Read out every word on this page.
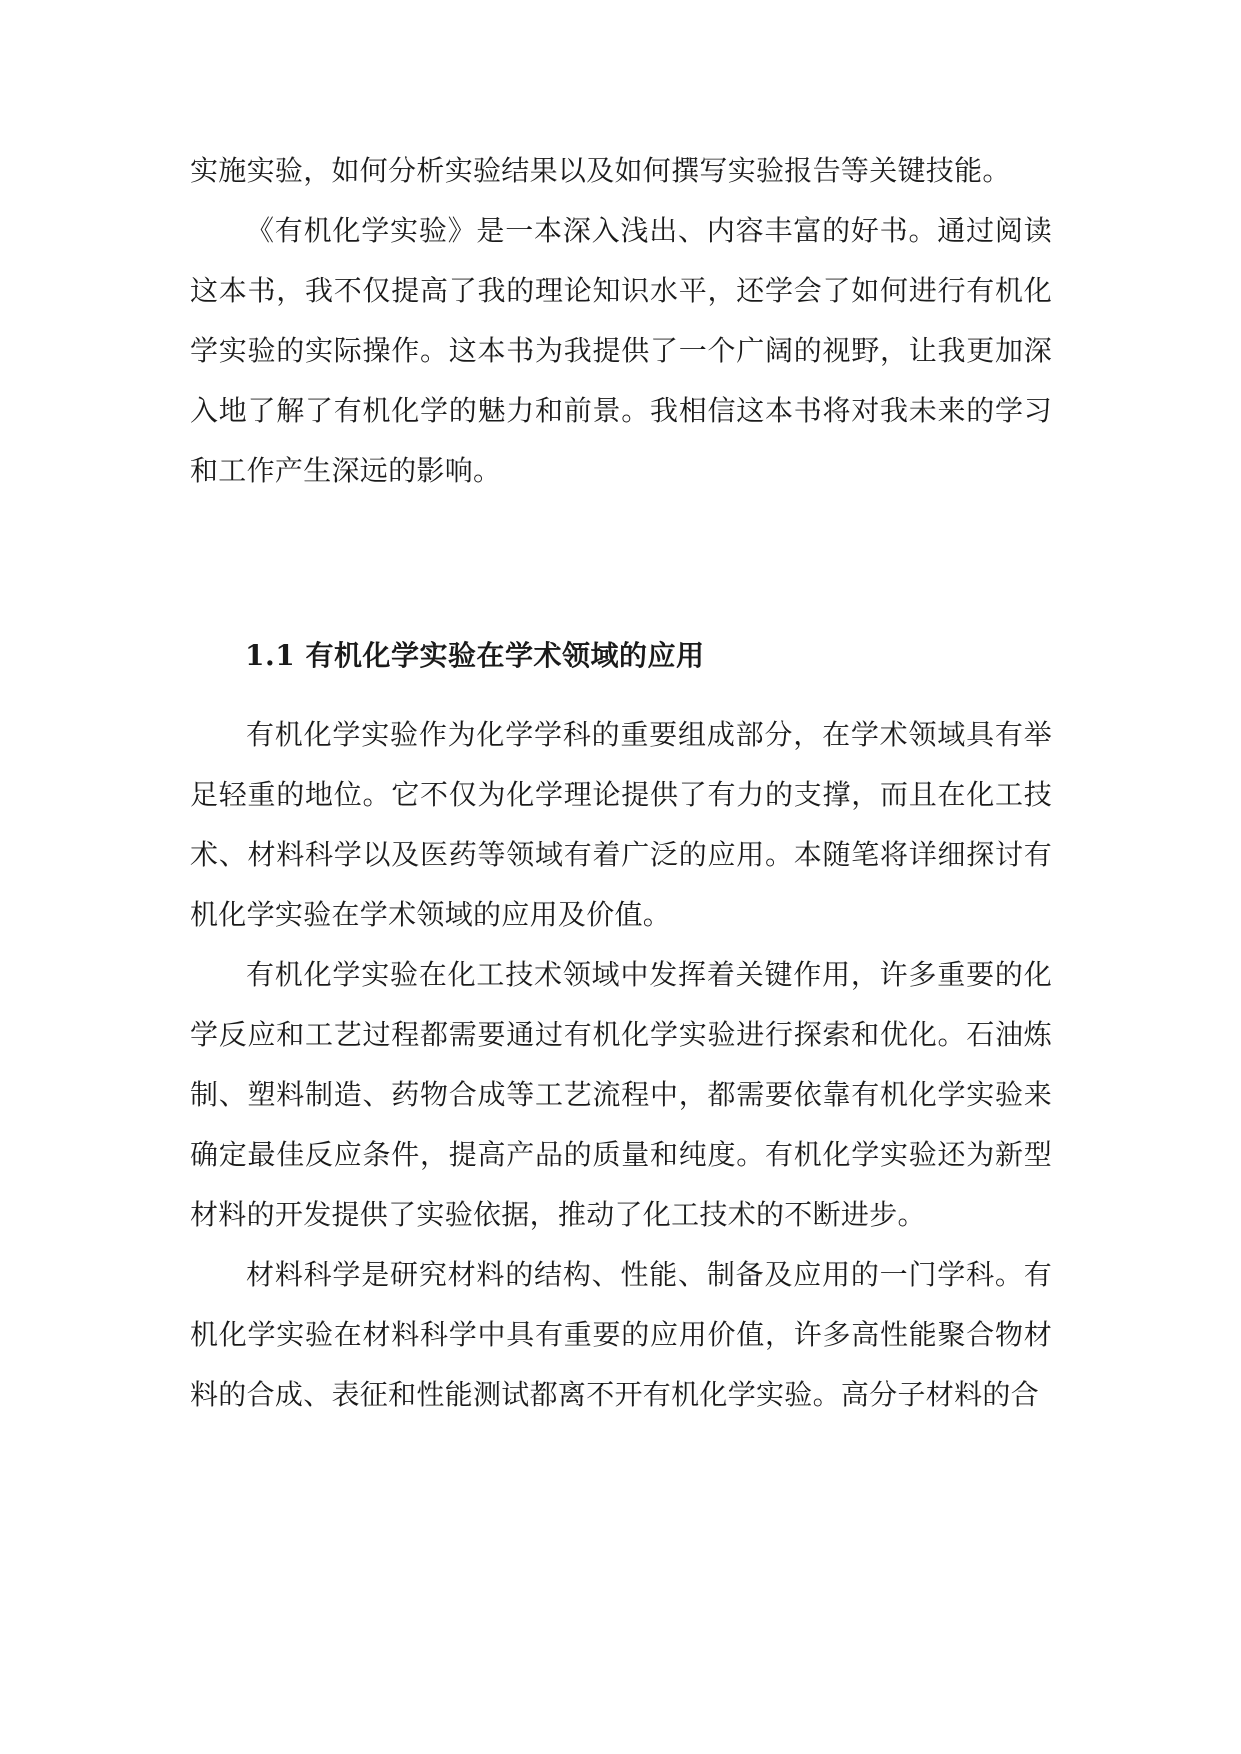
实施实验，如何分析实验结果以及如何撰写实验报告等关键技能。

《有机化学实验》是一本深入浅出、内容丰富的好书。通过阅读这本书，我不仅提高了我的理论知识水平，还学会了如何进行有机化学实验的实际操作。这本书为我提供了一个广阔的视野，让我更加深入地了解了有机化学的魅力和前景。我相信这本书将对我未来的学习和工作产生深远的影响。

1.1 有机化学实验在学术领域的应用

有机化学实验作为化学学科的重要组成部分，在学术领域具有举足轻重的地位。它不仅为化学理论提供了有力的支撑，而且在化工技术、材料科学以及医药等领域有着广泛的应用。本随笔将详细探讨有机化学实验在学术领域的应用及价值。

有机化学实验在化工技术领域中发挥着关键作用，许多重要的化学反应和工艺过程都需要通过有机化学实验进行探索和优化。石油炼制、塑料制造、药物合成等工艺流程中，都需要依靠有机化学实验来确定最佳反应条件，提高产品的质量和纯度。有机化学实验还为新型材料的开发提供了实验依据，推动了化工技术的不断进步。

材料科学是研究材料的结构、性能、制备及应用的一门学科。有机化学实验在材料科学中具有重要的应用价值，许多高性能聚合物材料的合成、表征和性能测试都离不开有机化学实验。高分子材料的合
